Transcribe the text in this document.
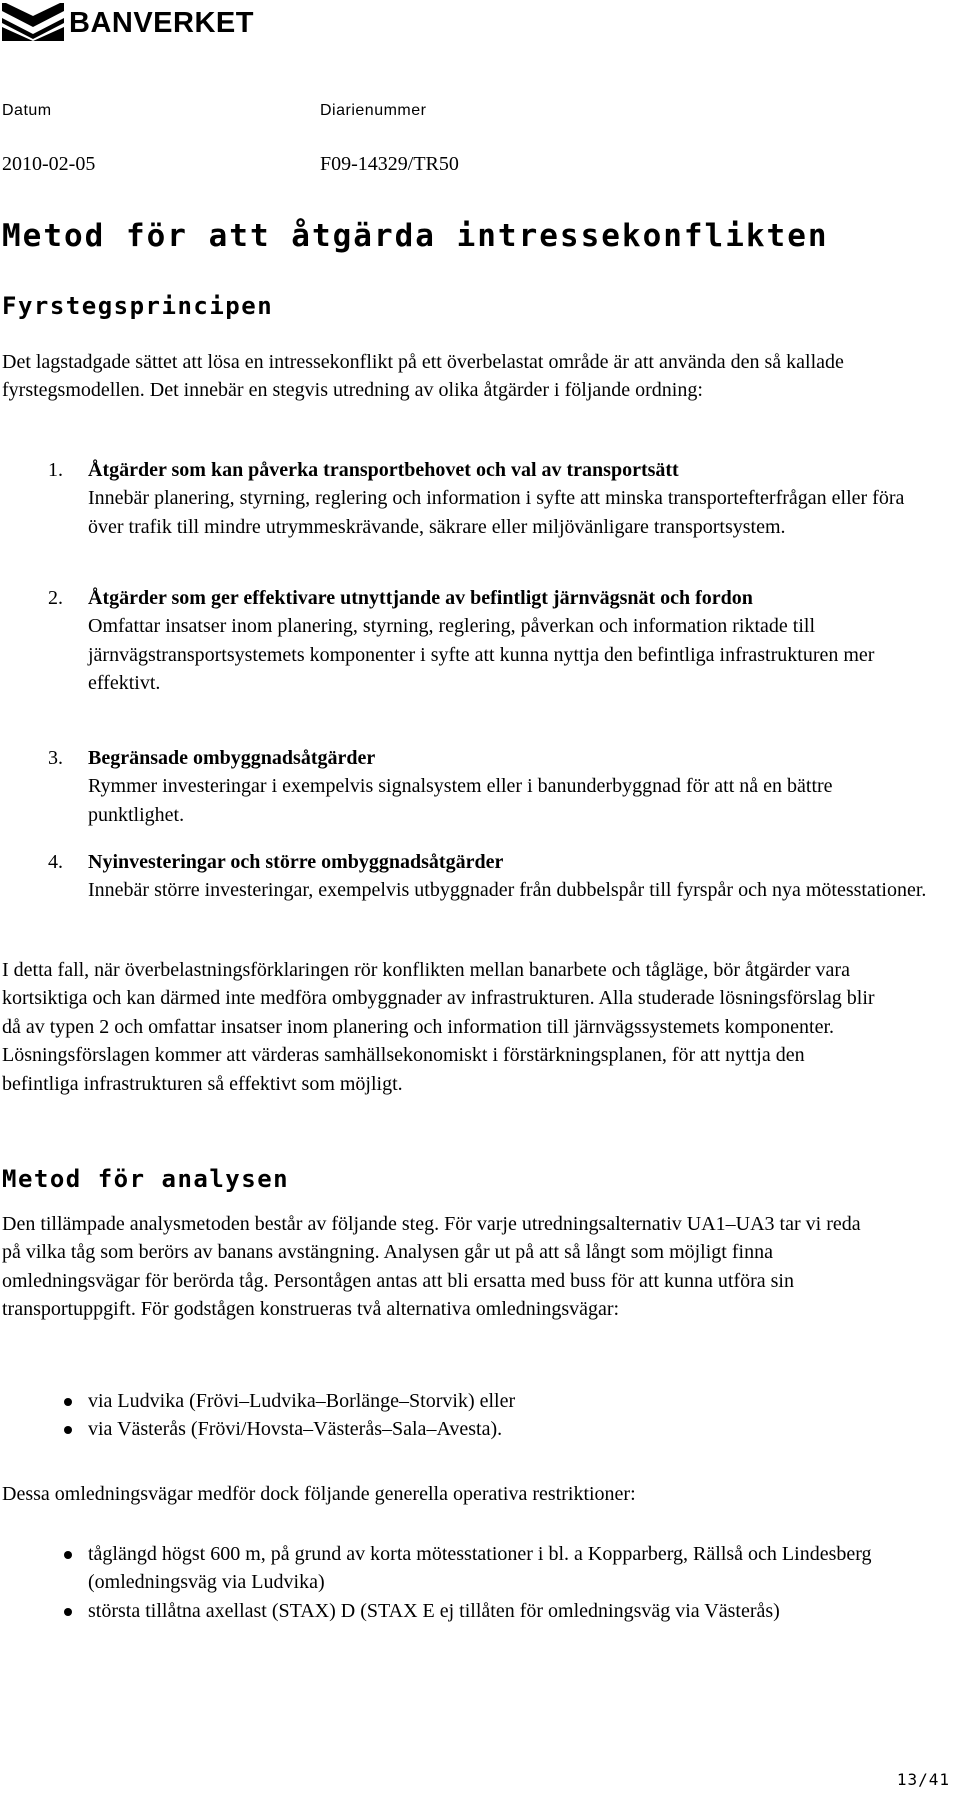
BANVERKET
Datum	Diarienummer
2010-02-05	F09-14329/TR50
Metod för att åtgärda intressekonflikten
Fyrstegsprincipen
Det lagstadgade sättet att lösa en intressekonflikt på ett överbelastat område är att använda den så kallade fyrstegsmodellen. Det innebär en stegvis utredning av olika åtgärder i följande ordning:
1. Åtgärder som kan påverka transportbehovet och val av transportsätt
Innebär planering, styrning, reglering och information i syfte att minska transportefterfrågan eller föra över trafik till mindre utrymmeskrävande, säkrare eller miljövänligare transportsystem.
2. Åtgärder som ger effektivare utnyttjande av befintligt järnvägsnät och fordon
Omfattar insatser inom planering, styrning, reglering, påverkan och information riktade till järnvägstransportsystemets komponenter i syfte att kunna nyttja den befintliga infrastrukturen mer effektivt.
3. Begränsade ombyggnadsåtgärder
Rymmer investeringar i exempelvis signalsystem eller i banunderbyggnad för att nå en bättre punktlighet.
4. Nyinvesteringar och större ombyggnadsåtgärder
Innebär större investeringar, exempelvis utbyggnader från dubbelspår till fyrspår och nya mötesstationer.
I detta fall, när överbelastningsförklaringen rör konflikten mellan banarbete och tågläge, bör åtgärder vara kortsiktiga och kan därmed inte medföra ombyggnader av infrastrukturen. Alla studerade lösningsförslag blir då av typen 2 och omfattar insatser inom planering och information till järnvägssystemets komponenter. Lösningsförslagen kommer att värderas samhällsekonomiskt i förstärkningsplanen, för att nyttja den befintliga infrastrukturen så effektivt som möjligt.
Metod för analysen
Den tillämpade analysmetoden består av följande steg. För varje utredningsalternativ UA1–UA3 tar vi reda på vilka tåg som berörs av banans avstängning. Analysen går ut på att så långt som möjligt finna omledningsvägar för berörda tåg. Persontågen antas att bli ersatta med buss för att kunna utföra sin transportuppgift. För godstågen konstrueras två alternativa omledningsvägar:
via Ludvika (Frövi–Ludvika–Borlänge–Storvik) eller
via Västerås (Frövi/Hovsta–Västerås–Sala–Avesta).
Dessa omledningsvägar medför dock följande generella operativa restriktioner:
tåglängd högst 600 m, på grund av korta mötesstationer i bl. a Kopparberg, Rällså och Lindesberg (omledningsväg via Ludvika)
största tillåtna axellast (STAX) D (STAX E ej tillåten för omledningsväg via Västerås)
13/41
